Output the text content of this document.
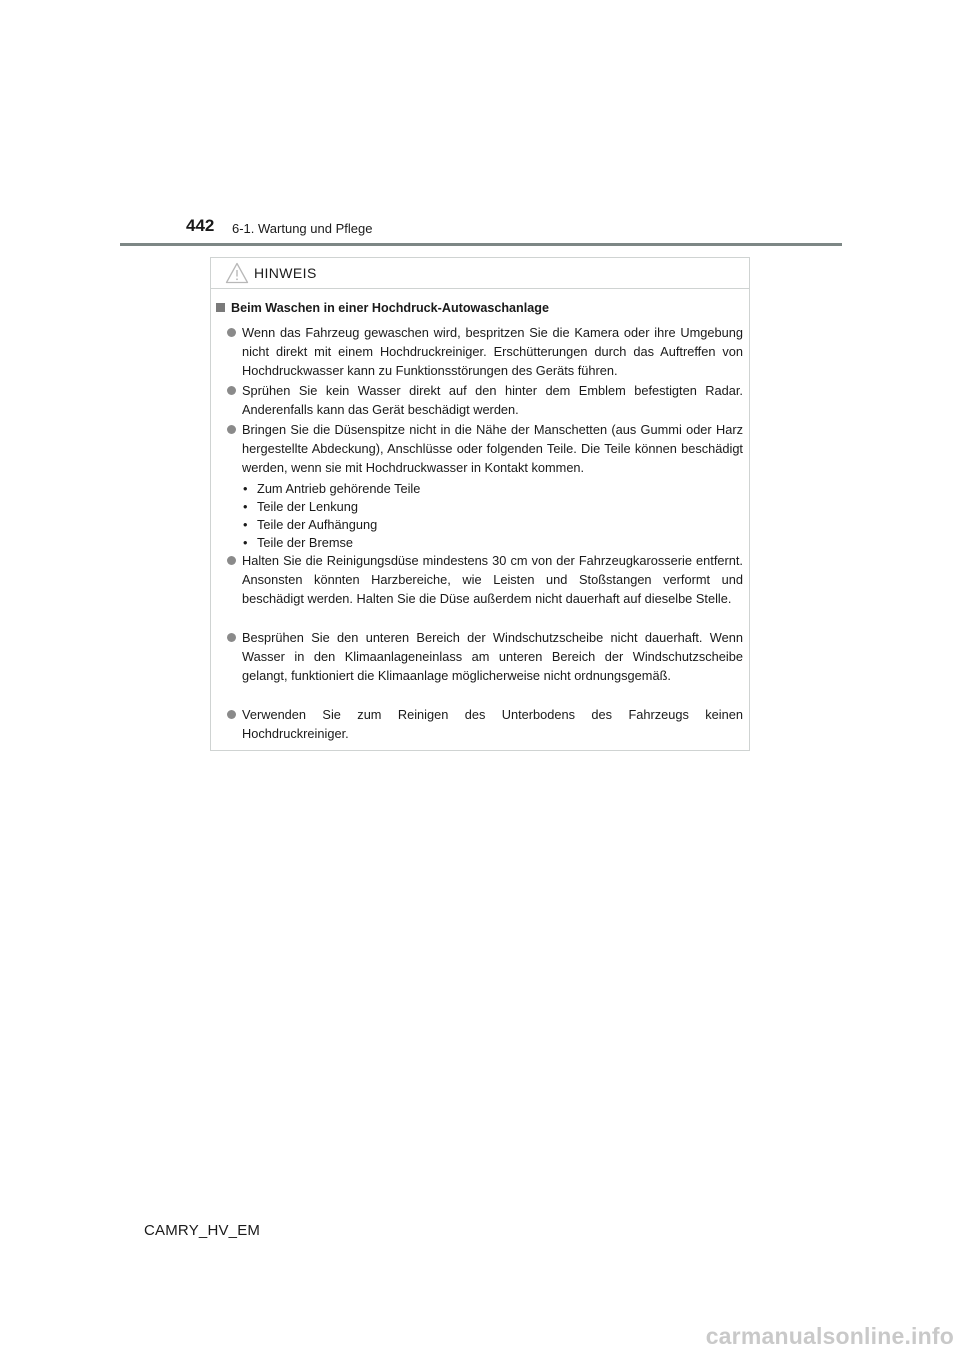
442 6-1. Wartung und Pflege
HINWEIS
Beim Waschen in einer Hochdruck-Autowaschanlage
Wenn das Fahrzeug gewaschen wird, bespritzen Sie die Kamera oder ihre Umgebung nicht direkt mit einem Hochdruckreiniger. Erschütterungen durch das Auftreffen von Hochdruckwasser kann zu Funktionsstörungen des Geräts führen.
Sprühen Sie kein Wasser direkt auf den hinter dem Emblem befestigten Radar. Anderenfalls kann das Gerät beschädigt werden.
Bringen Sie die Düsenspitze nicht in die Nähe der Manschetten (aus Gummi oder Harz hergestellte Abdeckung), Anschlüsse oder folgenden Teile. Die Teile können beschädigt werden, wenn sie mit Hochdruckwasser in Kontakt kommen.
• Zum Antrieb gehörende Teile
• Teile der Lenkung
• Teile der Aufhängung
• Teile der Bremse
Halten Sie die Reinigungsdüse mindestens 30 cm von der Fahrzeugkarosserie entfernt. Ansonsten könnten Harzbereiche, wie Leisten und Stoßstangen verformt und beschädigt werden. Halten Sie die Düse außerdem nicht dauerhaft auf dieselbe Stelle.
Besprühen Sie den unteren Bereich der Windschutzscheibe nicht dauerhaft. Wenn Wasser in den Klimaanlageneinlass am unteren Bereich der Windschutzscheibe gelangt, funktioniert die Klimaanlage möglicherweise nicht ordnungsgemäß.
Verwenden Sie zum Reinigen des Unterbodens des Fahrzeugs keinen Hochdruckreiniger.
CAMRY_HV_EM
carmanualsonline.info
